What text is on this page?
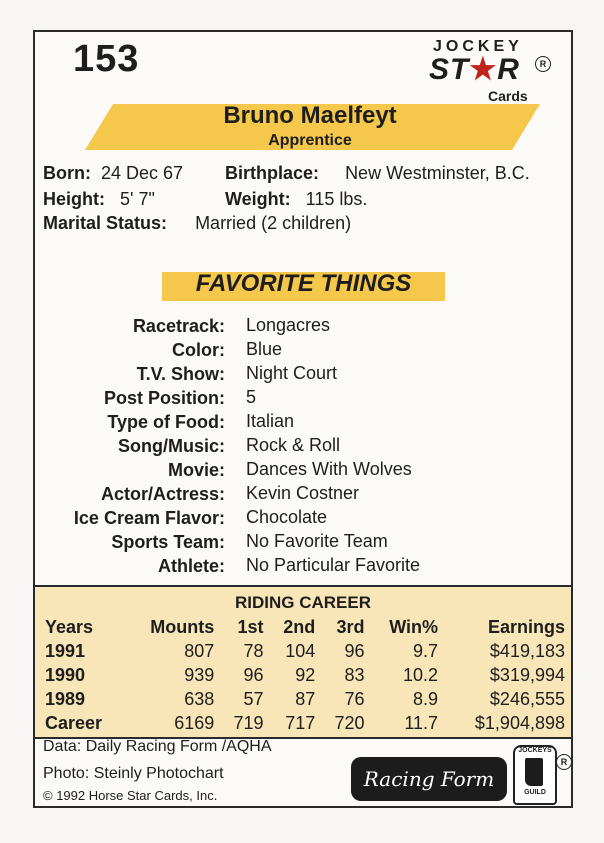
153	JOCKEY
ST★R	R
Cards
Bruno Maelfeyt
Apprentice
Born: 24 Dec 67 Birthplace: New Westminster, B.C.
Height: 5' 7"	Weight: 115 lbs.
Marital Status: Married (2 children)
FAVORITE THINGS
Racetrack: Longacres
Color: Blue
T.V. Show: Night Court
Post Position: 5
Type of Food: Italian
Song/Music: Rock & Roll
Movie: Dances With Wolves
Actor/Actress: Kevin Costner
Ice Cream Flavor: Chocolate
Sports Team: No Favorite Team
Athlete: No Particular Favorite
RIDING CAREER
Years	Mounts	1st	2nd	3rd	Win%	Earnings
1991	807	78	104	96	9.7	$419,183
1990	939	96	92	83	10.2	$319,994
1989	638	57	87	76	8.9	$246,555
Career	6169	719	717	720	11.7	$1,904,898
Data: Daily Racing Form /AQHA
Photo: Steinly Photochart
© 1992 Horse Star Cards, Inc.
Racing Form
JOCKEYS
GUILD
R
